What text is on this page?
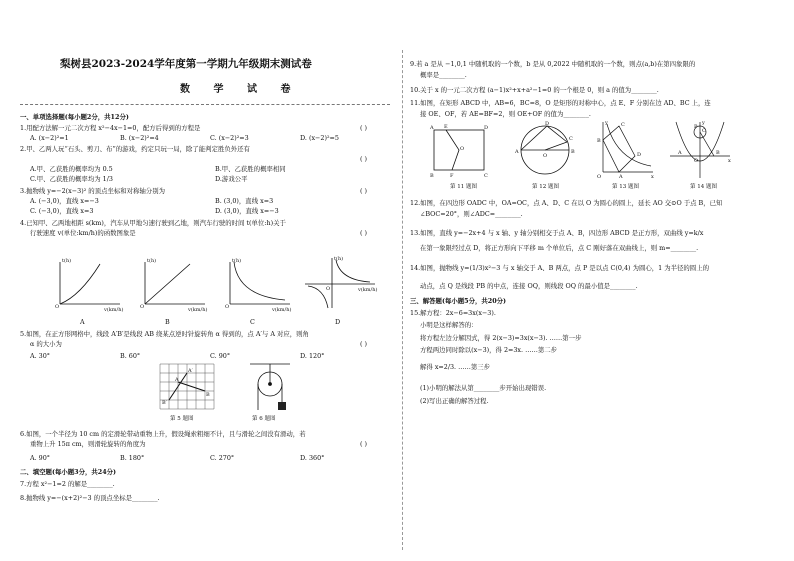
梨树县2023-2024学年度第一学期九年级期末测试卷
数 学 试 卷
一、单项选择题(每小题2分，共12分)
1.用配方法解一元二次方程 x²−4x−1=0，配方后得到的方程是	( )
A. (x−2)²=1	B. (x−2)²=4	C. (x−2)²=3	D. (x−2)²=5
2.甲、乙两人玩“石头、剪刀、布”的游戏，约定只玩一局，除了能判定胜负外还有
( )
A.甲、乙获胜的概率均为 0.5	B.甲、乙获胜的概率相同
C.甲、乙获胜的概率均为 1/3	D.游戏公平
3.抛物线 y=−2(x−3)² 的顶点坐标和对称轴分别为	( )
A. (−3,0)，直线 x=−3	B. (3,0)，直线 x=3
C. (−3,0)，直线 x=3	D. (3,0)，直线 x=−3
4.已知甲、乙两地相距 s(km)，汽车从甲地匀速行驶到乙地，则汽车行驶的时间 t(单位:h)关于
行驶速度 v(单位:km/h)的函数图象是	( )
t(h)	t(h)	t(h)	t(h)
v(km/h)	v(km/h)	v(km/h)
v(km/h)
O	O	O
O
A	B	C	D
5.如图，在正方形网格中，线段 A′B′是线段 AB 绕某点逆时针旋转角 α 得到的，点 A′与 A 对应，则角
α 的大小为	( )
A. 30°	B. 60°	C. 90°	D. 120°
A′
B′
A
B
第 5 题图	第 6 题图
6.如图，一个半径为 10 cm 的定滑轮带动重物上升，假设绳索粗细不计，且与滑轮之间没有滑动，若
重物上升 15π cm，则滑轮旋转的角度为	( )
A. 90°	B. 180°	C. 270°	D. 360°
二、填空题(每小题3分，共24分)
7.方程 x²−1=2 的解是________.
8.抛物线 y=−(x+2)²−3 的顶点坐标是________.
9.若 a 是从 −1,0,1 中随机取的一个数，b 是从 0,2022 中随机取的一个数，则点(a,b)在第四象限的
概率是________.
10.关于 x 的一元二次方程 (a−1)x²+x+a²−1=0 的一个根是 0，则 a 的值为________.
11.如图，在矩形 ABCD 中，AB=6，BC=8，O 是矩形的对称中心，点 E、F 分别在边 AD、BC 上，连
接 OE、OF，若 AE=BF=2，则 OE+OF 的值为________.
A E	D
B	F	C
O
第 11 题图
A	B
D
C
O
第 12 题图
y
x
O
B
A
D
C
第 13 题图
y
x
O
A	B
P
C
第 14 题图
12.如图，在四边形 OADC 中，OA=OC，点 A、D、C 在以 O 为圆心的圆上，延长 AO 交⊙O 于点 B，已知
∠BOC=20°，则∠ADC=________.
13.如图，直线 y=−2x+4 与 x 轴、y 轴分别相交于点 A、B，四边形 ABCD 是正方形，双曲线 y=k/x
在第一象限经过点 D，将正方形向下平移 m 个单位后，点 C 刚好落在双曲线上，则 m=________.
14.如图，抛物线 y=(1/3)x²−3 与 x 轴交于 A、B 两点，点 P 是以点 C(0,4) 为圆心，1 为半径的圆上的
动点，点 Q 是线段 PB 的中点，连接 OQ，则线段 OQ 的最小值是________.
三、解答题(每小题5分，共20分)
15.解方程：2x−6=3x(x−3).
小明是这样解答的：
将方程左边分解因式，得 2(x−3)=3x(x−3). ……第一步
方程两边同时除以(x−3)，得 2=3x. ……第二步
解得 x=2/3. ……第三步
(1)小明的解法从第________步开始出现错误.
(2)写出正确的解答过程.
